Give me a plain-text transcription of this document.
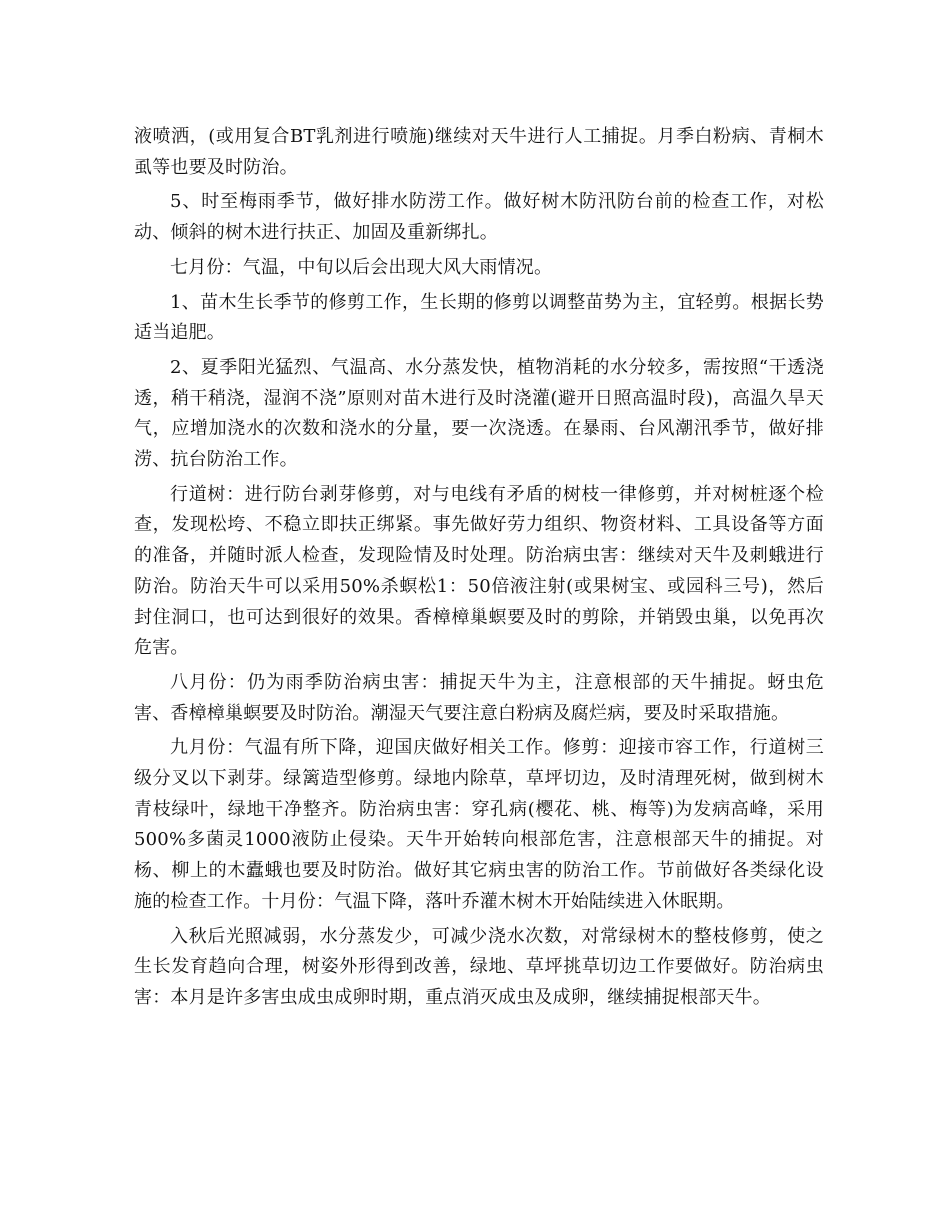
液喷洒，(或用复合BT乳剂进行喷施)继续对天牛进行人工捕捉。月季白粉病、青桐木虱等也要及时防治。

5、时至梅雨季节，做好排水防涝工作。做好树木防汛防台前的检查工作，对松动、倾斜的树木进行扶正、加固及重新绑扎。

七月份：气温，中旬以后会出现大风大雨情况。

1、苗木生长季节的修剪工作，生长期的修剪以调整苗势为主，宜轻剪。根据长势适当追肥。

2、夏季阳光猛烈、气温高、水分蒸发快，植物消耗的水分较多，需按照“干透浇透，稍干稍浇，湿润不浇”原则对苗木进行及时浇灌(避开日照高温时段)，高温久旱天气，应增加浇水的次数和浇水的分量，要一次浇透。在暴雨、台风潮汛季节，做好排涝、抗台防治工作。

行道树：进行防台剥芽修剪，对与电线有矛盾的树枝一律修剪，并对树桩逐个检查，发现松垮、不稳立即扶正绑紧。事先做好劳力组织、物资材料、工具设备等方面的准备，并随时派人检查，发现险情及时处理。防治病虫害：继续对天牛及刺蛾进行防治。防治天牛可以采用50%杀螟松1：50倍液注射(或果树宝、或园科三号)，然后封住洞口，也可达到很好的效果。香樟樟巢螟要及时的剪除，并销毁虫巢，以免再次危害。

八月份：仍为雨季防治病虫害：捕捉天牛为主，注意根部的天牛捕捉。蚜虫危害、香樟樟巢螟要及时防治。潮湿天气要注意白粉病及腐烂病，要及时采取措施。

九月份：气温有所下降，迎国庆做好相关工作。修剪：迎接市容工作，行道树三级分叉以下剥芽。绿篱造型修剪。绿地内除草，草坪切边，及时清理死树，做到树木青枝绿叶，绿地干净整齐。防治病虫害：穿孔病(樱花、桃、梅等)为发病高峰，采用500%多菌灵1000液防止侵染。天牛开始转向根部危害，注意根部天牛的捕捉。对杨、柳上的木蠹蛾也要及时防治。做好其它病虫害的防治工作。节前做好各类绿化设施的检查工作。十月份：气温下降，落叶乔灌木树木开始陆续进入休眠期。

入秋后光照减弱，水分蒸发少，可减少浇水次数，对常绿树木的整枝修剪，使之生长发育趋向合理，树姿外形得到改善，绿地、草坪挑草切边工作要做好。防治病虫害：本月是许多害虫成虫成卵时期，重点消灭成虫及成卵，继续捕捉根部天牛。
